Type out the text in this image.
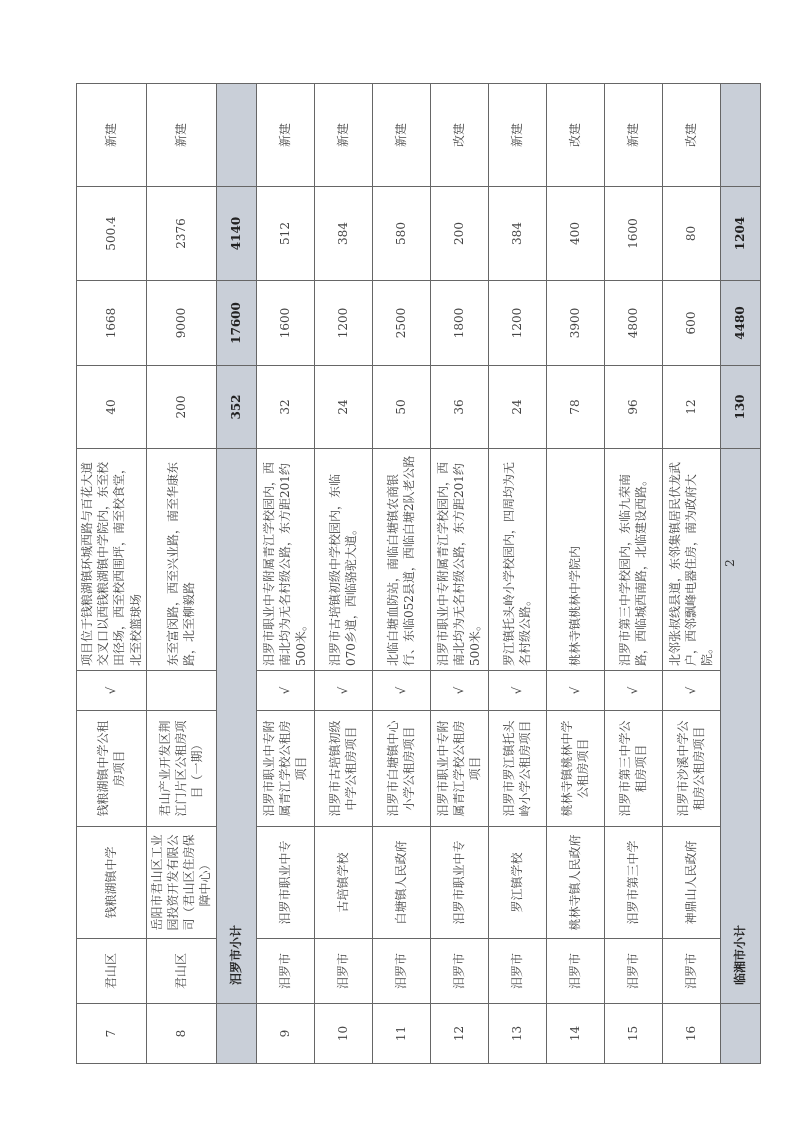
7	君山区	钱粮湖镇中学	钱粮湖镇中学公租房项目	√	项目位于钱粮湖镇环城西路与百花大道交叉口以西钱粮湖镇中学院内，东至校田径场，西至校西围坪，南至校食堂，北至校篮球场	40	1668	500.4	新建
8	君山区	岳阳市君山区工业园投资开发有限公司（君山区住房保障中心）	君山产业开发区荆江门片区公租房项目（一期）		东至富闵路，西至兴业路，南至华康东路，北至柳毅路	200	9000	2376	新建
	汨罗市小计					352	17600	4140	
9	汨罗市	汨罗市职业中专	汨罗市职业中专附属青江学校公租房项目	√	汨罗市职业中专附属青江学校园内，西南北均为无名村级公路，东方距201约500米。	32	1600	512	新建
10	汨罗市	古培镇学校	汨罗市古培镇初级中学公租房项目	√	汨罗市古培镇初级中学校园内，东临070乡道，西临骆驼大道。	24	1200	384	新建
11	汨罗市	白塘镇人民政府	汨罗市白塘镇中心小学公租房项目	√	北临白塘血防站，南临白塘镇农商银行、东临052县道，西临白塘2队老公路	50	2500	580	新建
12	汨罗市	汨罗市职业中专	汨罗市职业中专附属青江学校公租房项目	√	汨罗市职业中专附属青江学校园内，西南北均为无名村级公路，东方距201约500米。	36	1800	200	改建
13	汨罗市	罗江镇学校	汨罗市罗江镇托头岭小学公租房项目	√	罗江镇托头岭小学校园内，四周均为无名村级公路。	24	1200	384	新建
14	汨罗市	桃林寺镇人民政府	桃林寺镇桃林中学公租房项目	√	桃林寺镇桃林中学院内	78	3900	400	改建
15	汨罗市	汨罗市第三中学	汨罗市第三中学公租房项目	√	汨罗市第三中学校园内，东临九荣南路，西临城西南路，北临建设西路。	96	4800	1600	新建
16	汨罗市	神鼎山人民政府	汨罗市沙溪中学公租房公租房项目	√	北邻张叔线县道，东邻集镇居民伏龙武户，西邻飘峰电器住房，南为政府大院。	12	600	80	改建
	临湘市小计					130	4480	1204	
2
